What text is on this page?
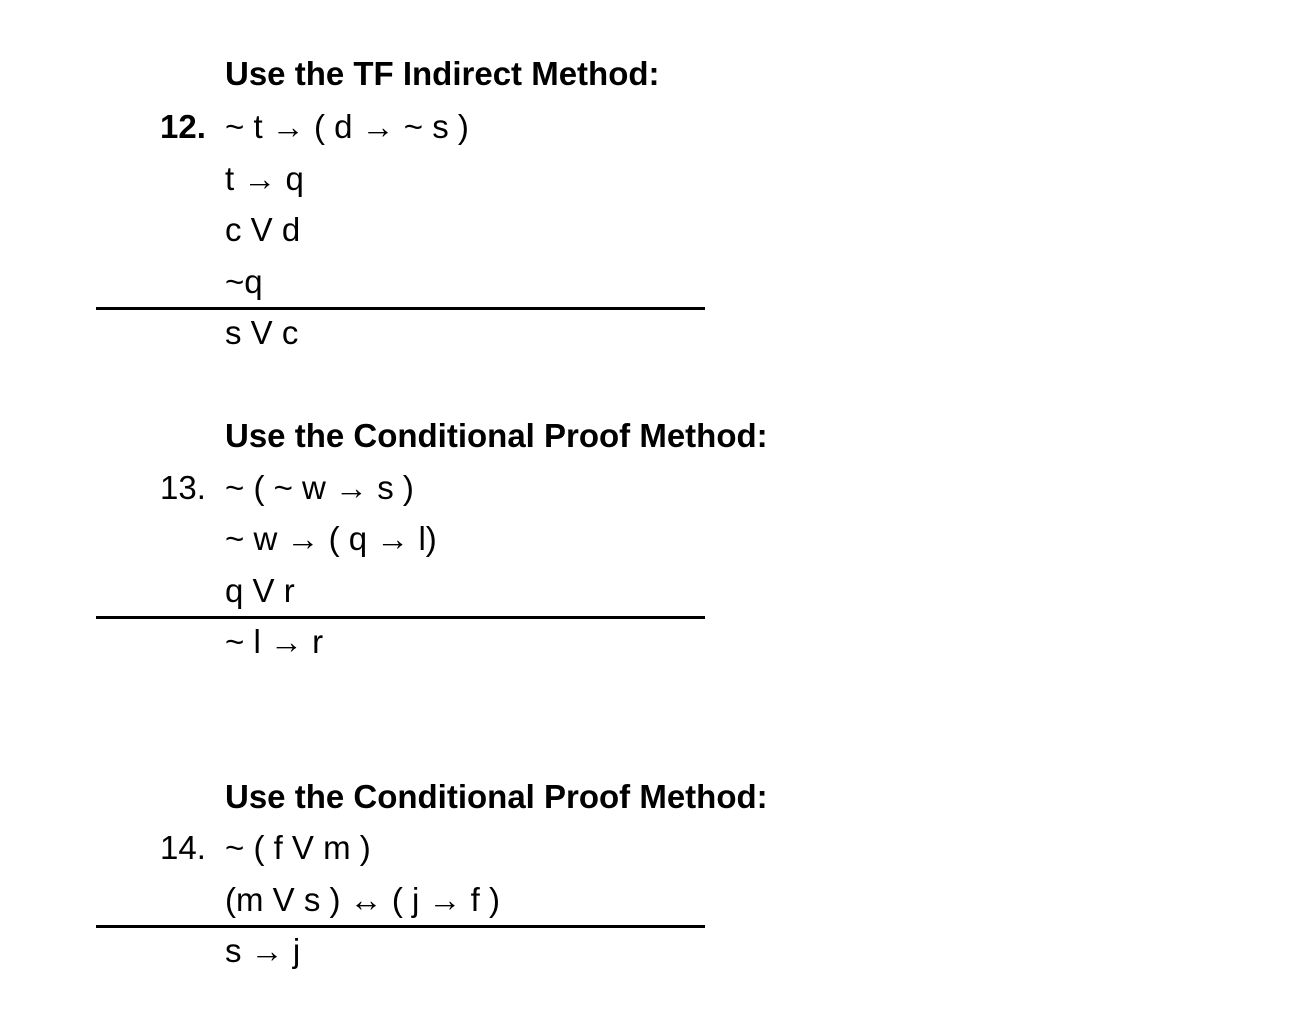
Use the TF Indirect Method:
12. ~ t → ( d → ~ s )
t → q
c V d
~q
s V c
Use the Conditional Proof Method:
13. ~ ( ~ w → s )
~ w → ( q → l)
q V r
~ l → r
Use the Conditional Proof Method:
14. ~ ( f V m )
(m V s ) ↔ ( j → f )
s → j
